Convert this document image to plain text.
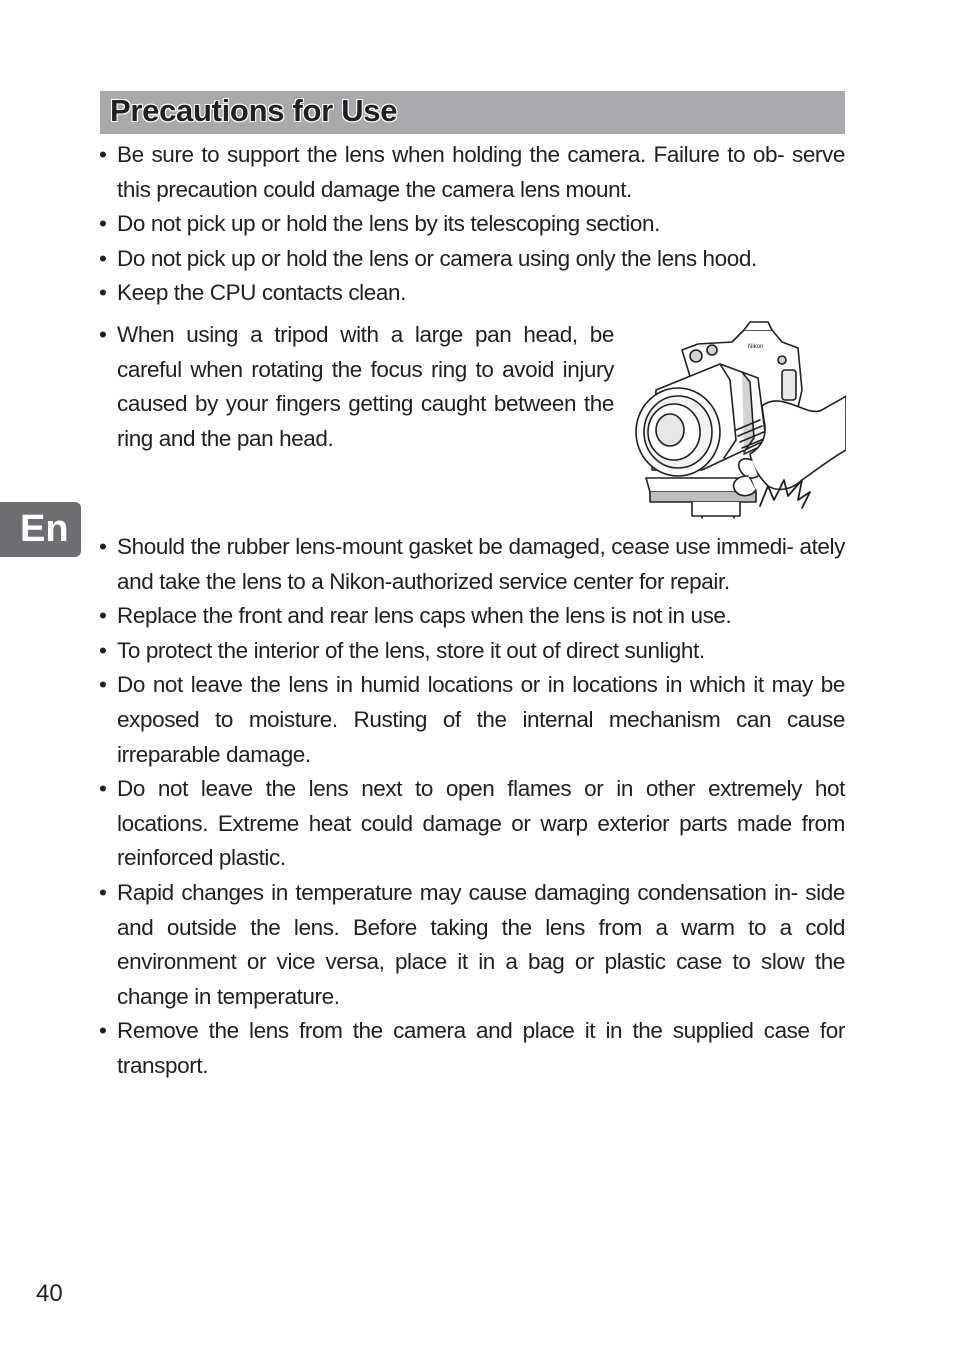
Precautions for Use
• Be sure to support the lens when holding the camera. Failure to ob- serve this precaution could damage the camera lens mount.
• Do not pick up or hold the lens by its telescoping section.
• Do not pick up or hold the lens or camera using only the lens hood.
• Keep the CPU contacts clean.
• When using a tripod with a large pan head, be careful when rotating the focus ring to avoid injury caused by your fingers getting caught between the ring and the pan head.
Nikon
• Should the rubber lens-mount gasket be damaged, cease use immedi- ately and take the lens to a Nikon-authorized service center for repair.
• Replace the front and rear lens caps when the lens is not in use.
• To protect the interior of the lens, store it out of direct sunlight.
• Do not leave the lens in humid locations or in locations in which it may be exposed to moisture. Rusting of the internal mechanism can cause irreparable damage.
• Do not leave the lens next to open flames or in other extremely hot locations. Extreme heat could damage or warp exterior parts made from reinforced plastic.
• Rapid changes in temperature may cause damaging condensation in- side and outside the lens. Before taking the lens from a warm to a cold environment or vice versa, place it in a bag or plastic case to slow the change in temperature.
• Remove the lens from the camera and place it in the supplied case for transport.
En
40
